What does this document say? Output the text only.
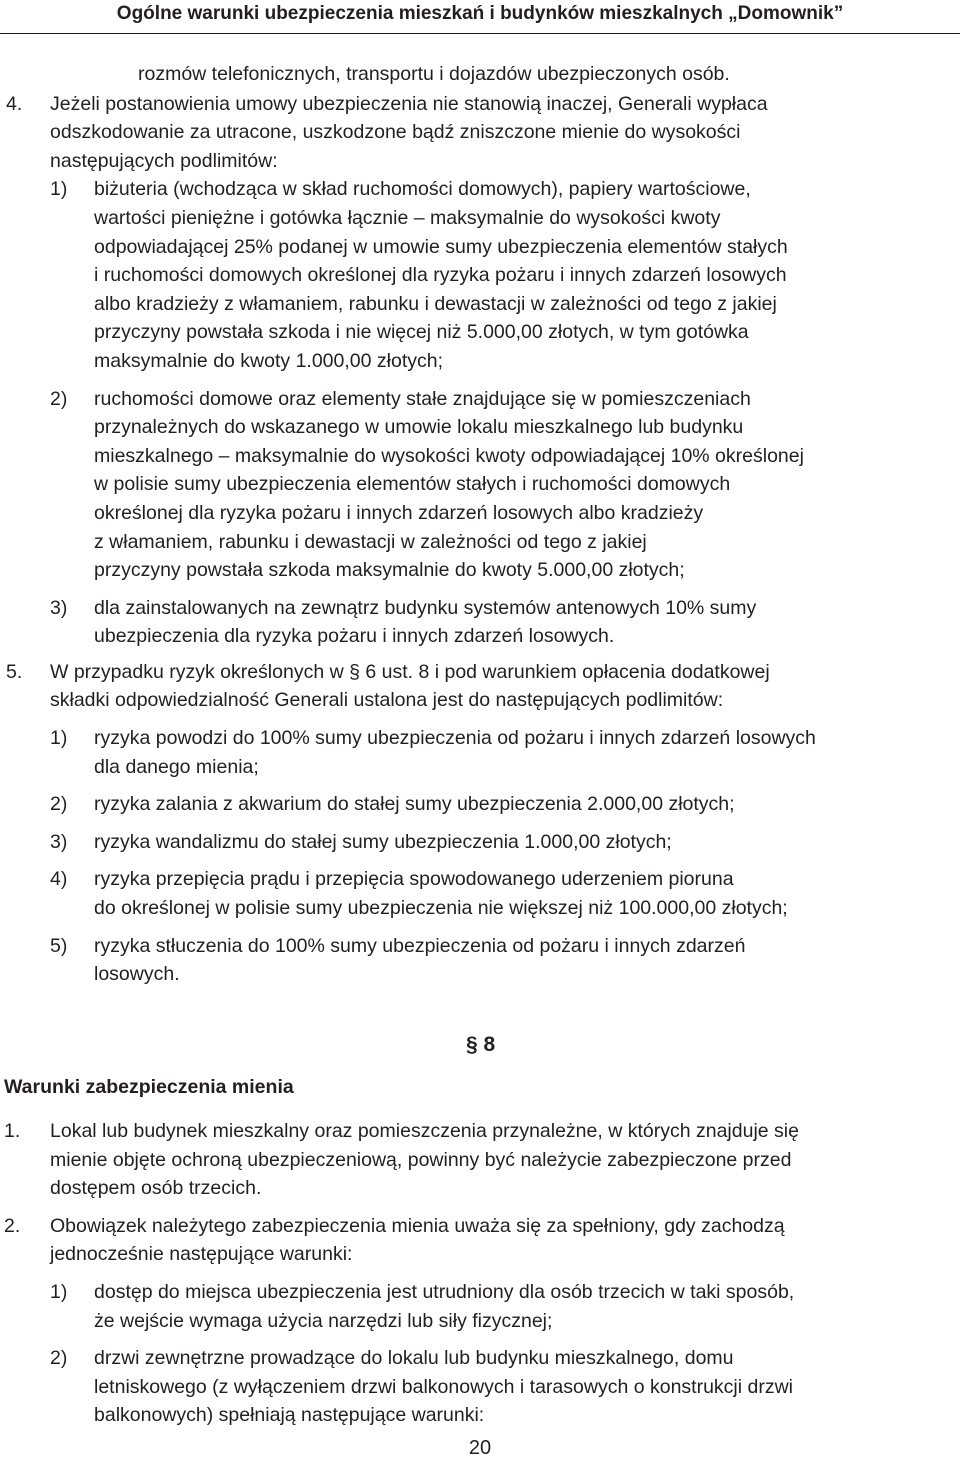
Ogólne warunki ubezpieczenia mieszkań i budynków mieszkalnych „Domownik”
rozmów telefonicznych, transportu i dojazdów ubezpieczonych osób.
4. Jeżeli postanowienia umowy ubezpieczenia nie stanowią inaczej, Generali wypłaca
odszkodowanie za utracone, uszkodzone bądź zniszczone mienie do wysokości
następujących podlimitów:
1) biżuteria (wchodząca w skład ruchomości domowych), papiery wartościowe,
wartości pieniężne i gotówka łącznie – maksymalnie do wysokości kwoty
odpowiadającej 25% podanej w umowie sumy ubezpieczenia elementów stałych
i ruchomości domowych określonej dla ryzyka pożaru i innych zdarzeń losowych
albo kradzieży z włamaniem, rabunku i dewastacji w zależności od tego z jakiej
przyczyny powstała szkoda i nie więcej niż 5.000,00 złotych, w tym gotówka
maksymalnie do kwoty 1.000,00 złotych;
2) ruchomości domowe oraz elementy stałe znajdujące się w pomieszczeniach
przynależnych do wskazanego w umowie lokalu mieszkalnego lub budynku
mieszkalnego – maksymalnie do wysokości kwoty odpowiadającej 10% określonej
w polisie sumy ubezpieczenia elementów stałych i ruchomości domowych
określonej dla ryzyka pożaru i innych zdarzeń losowych albo kradzieży
z włamaniem, rabunku i dewastacji w zależności od tego z jakiej
przyczyny powstała szkoda maksymalnie do kwoty 5.000,00 złotych;
3) dla zainstalowanych na zewnątrz budynku systemów antenowych 10% sumy
ubezpieczenia dla ryzyka pożaru i innych zdarzeń losowych.
5. W przypadku ryzyk określonych w § 6 ust. 8 i pod warunkiem opłacenia dodatkowej
składki odpowiedzialność Generali ustalona jest do następujących podlimitów:
1) ryzyka powodzi do 100% sumy ubezpieczenia od pożaru i innych zdarzeń losowych
dla danego mienia;
2) ryzyka zalania z akwarium do stałej sumy ubezpieczenia 2.000,00 złotych;
3) ryzyka wandalizmu do stałej sumy ubezpieczenia 1.000,00 złotych;
4) ryzyka przepięcia prądu i przepięcia spowodowanego uderzeniem pioruna
do określonej w polisie sumy ubezpieczenia nie większej niż 100.000,00 złotych;
5) ryzyka stłuczenia do 100% sumy ubezpieczenia od pożaru i innych zdarzeń
losowych.
§ 8
Warunki zabezpieczenia mienia
1. Lokal lub budynek mieszkalny oraz pomieszczenia przynależne, w których znajduje się
mienie objęte ochroną ubezpieczeniową, powinny być należycie zabezpieczone przed
dostępem osób trzecich.
2. Obowiązek należytego zabezpieczenia mienia uważa się za spełniony, gdy zachodzą
jednocześnie następujące warunki:
1) dostęp do miejsca ubezpieczenia jest utrudniony dla osób trzecich w taki sposób,
że wejście wymaga użycia narzędzi lub siły fizycznej;
2) drzwi zewnętrzne prowadzące do lokalu lub budynku mieszkalnego, domu
letniskowego (z wyłączeniem drzwi balkonowych i tarasowych o konstrukcji drzwi
balkonowych) spełniają następujące warunki:
20
